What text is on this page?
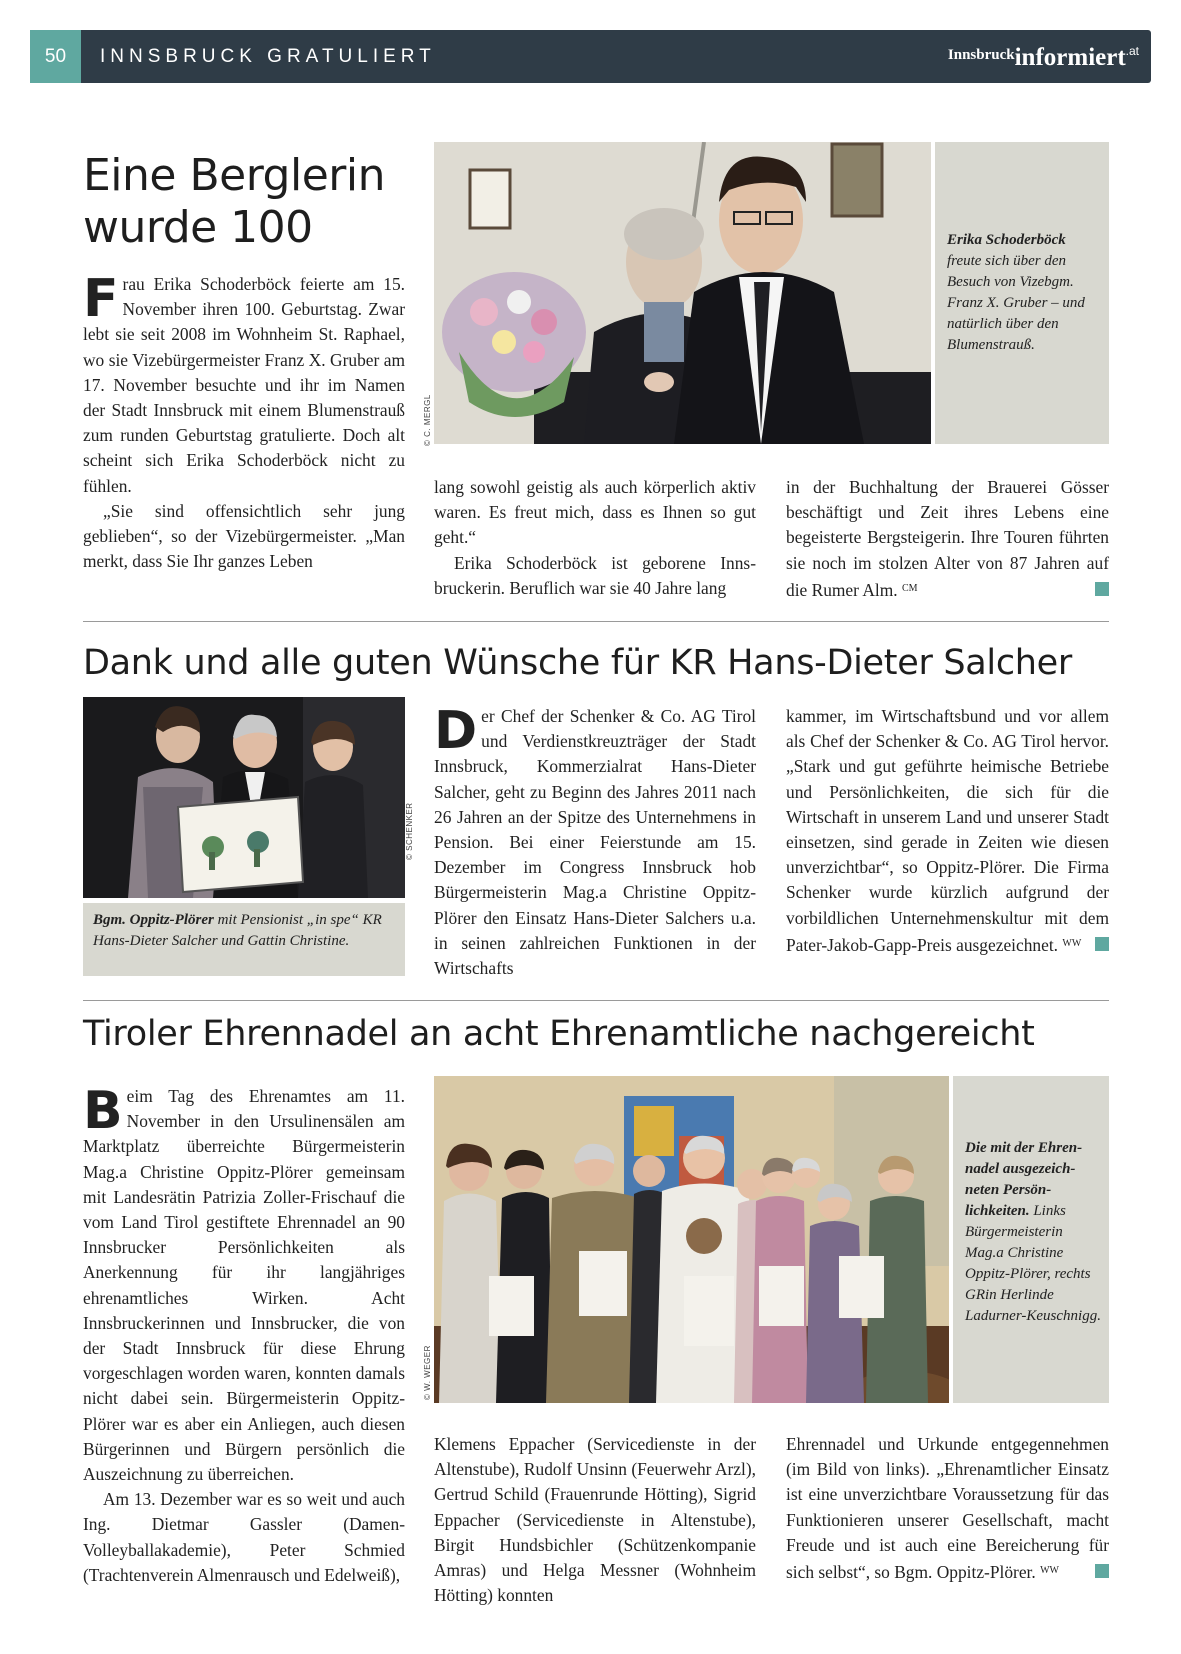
50	INNSBRUCK GRATULIERT	Innsbruckinformiert$^{.at}$
Eine Berglerin
wurde 100

Frau Erika Schoderböck feierte am 15. November ihren 100. Geburtstag. Zwar lebt sie seit 2008 im Wohnheim St. Raphael, wo sie Vizebürgermeister Franz X. Gruber am 17. November besuchte und ihr im Namen der Stadt Innsbruck mit einem Blumenstrauß zum runden Geburtstag gratulierte. Doch alt scheint sich Erika Schoderböck nicht zu fühlen.

„Sie sind offensichtlich sehr jung geblieben“, so der Vizebürgermeister. „Man merkt, dass Sie Ihr ganzes Leben

© C. MERGL
Erika Schoderböck freute sich über den Besuch von Vizebgm. Franz X. Gruber – und natürlich über den Blumenstrauß.

lang sowohl geistig als auch körperlich aktiv waren. Es freut mich, dass es Ihnen so gut geht.“

Erika Schoderböck ist geborene Innsbruckerin. Beruflich war sie 40 Jahre lang

in der Buchhaltung der Brauerei Gösser beschäftigt und Zeit ihres Lebens eine begeisterte Bergsteigerin. Ihre Touren führten sie noch im stolzen Alter von 87 Jahren auf die Rumer Alm. $^{CM}$

Dank und alle guten Wünsche für KR Hans-Dieter Salcher
© SCHENKER
Bgm. Oppitz-Plörer mit Pensionist „in spe“ KR Hans-Dieter Salcher und Gattin Christine.

Der Chef der Schenker & Co. AG Tirol und Verdienstkreuzträger der Stadt Innsbruck, Kommerzialrat Hans-Dieter Salcher, geht zu Beginn des Jahres 2011 nach 26 Jahren an der Spitze des Unternehmens in Pension. Bei einer Feierstunde am 15. Dezember im Congress Innsbruck hob Bürgermeisterin Mag.a Christine Oppitz-Plörer den Einsatz Hans-Dieter Salchers u.a. in seinen zahlreichen Funktionen in der Wirtschafts

kammer, im Wirtschaftsbund und vor allem als Chef der Schenker & Co. AG Tirol hervor. „Stark und gut geführte heimische Betriebe und Persönlichkeiten, die sich für die Wirtschaft in unserem Land und unserer Stadt einsetzen, sind gerade in Zeiten wie diesen unverzichtbar“, so Oppitz-Plörer. Die Firma Schenker wurde kürzlich aufgrund der vorbildlichen Unternehmenskultur mit dem Pater-Jakob-Gapp-Preis ausgezeichnet. $^{WW}$

Tiroler Ehrennadel an acht Ehrenamtliche nachgereicht

Beim Tag des Ehrenamtes am 11. November in den Ursulinensälen am Marktplatz überreichte Bürgermeisterin Mag.a Christine Oppitz-Plörer gemeinsam mit Landesrätin Patrizia Zoller-Frischauf die vom Land Tirol gestiftete Ehrennadel an 90 Innsbrucker Persönlichkeiten als Anerkennung für ihr langjähriges ehrenamtliches Wirken. Acht Innsbruckerinnen und Innsbrucker, die von der Stadt Innsbruck für diese Ehrung vorgeschlagen worden waren, konnten damals nicht dabei sein. Bürgermeisterin Oppitz-Plörer war es aber ein Anliegen, auch diesen Bürgerinnen und Bürgern persönlich die Auszeichnung zu überreichen.

Am 13. Dezember war es so weit und auch Ing. Dietmar Gassler (Damen-Volleyballakademie), Peter Schmied (Trachtenverein Almenrausch und Edelweiß),

© W. WEGER
Die mit der Ehrennadel ausgezeichneten Persönlichkeiten. Links Bürgermeisterin Mag.a Christine Oppitz-Plörer, rechts GRin Herlinde Ladurner-Keuschnigg.

Klemens Eppacher (Servicedienste in der Altenstube), Rudolf Unsinn (Feuerwehr Arzl), Gertrud Schild (Frauenrunde Hötting), Sigrid Eppacher (Servicedienste in Altenstube), Birgit Hundsbichler (Schützenkompanie Amras) und Helga Messner (Wohnheim Hötting) konnten

Ehrennadel und Urkunde entgegennehmen (im Bild von links). „Ehrenamtlicher Einsatz ist eine unverzichtbare Voraussetzung für das Funktionieren unserer Gesellschaft, macht Freude und ist auch eine Bereicherung für sich selbst“, so Bgm. Oppitz-Plörer. $^{WW}$
